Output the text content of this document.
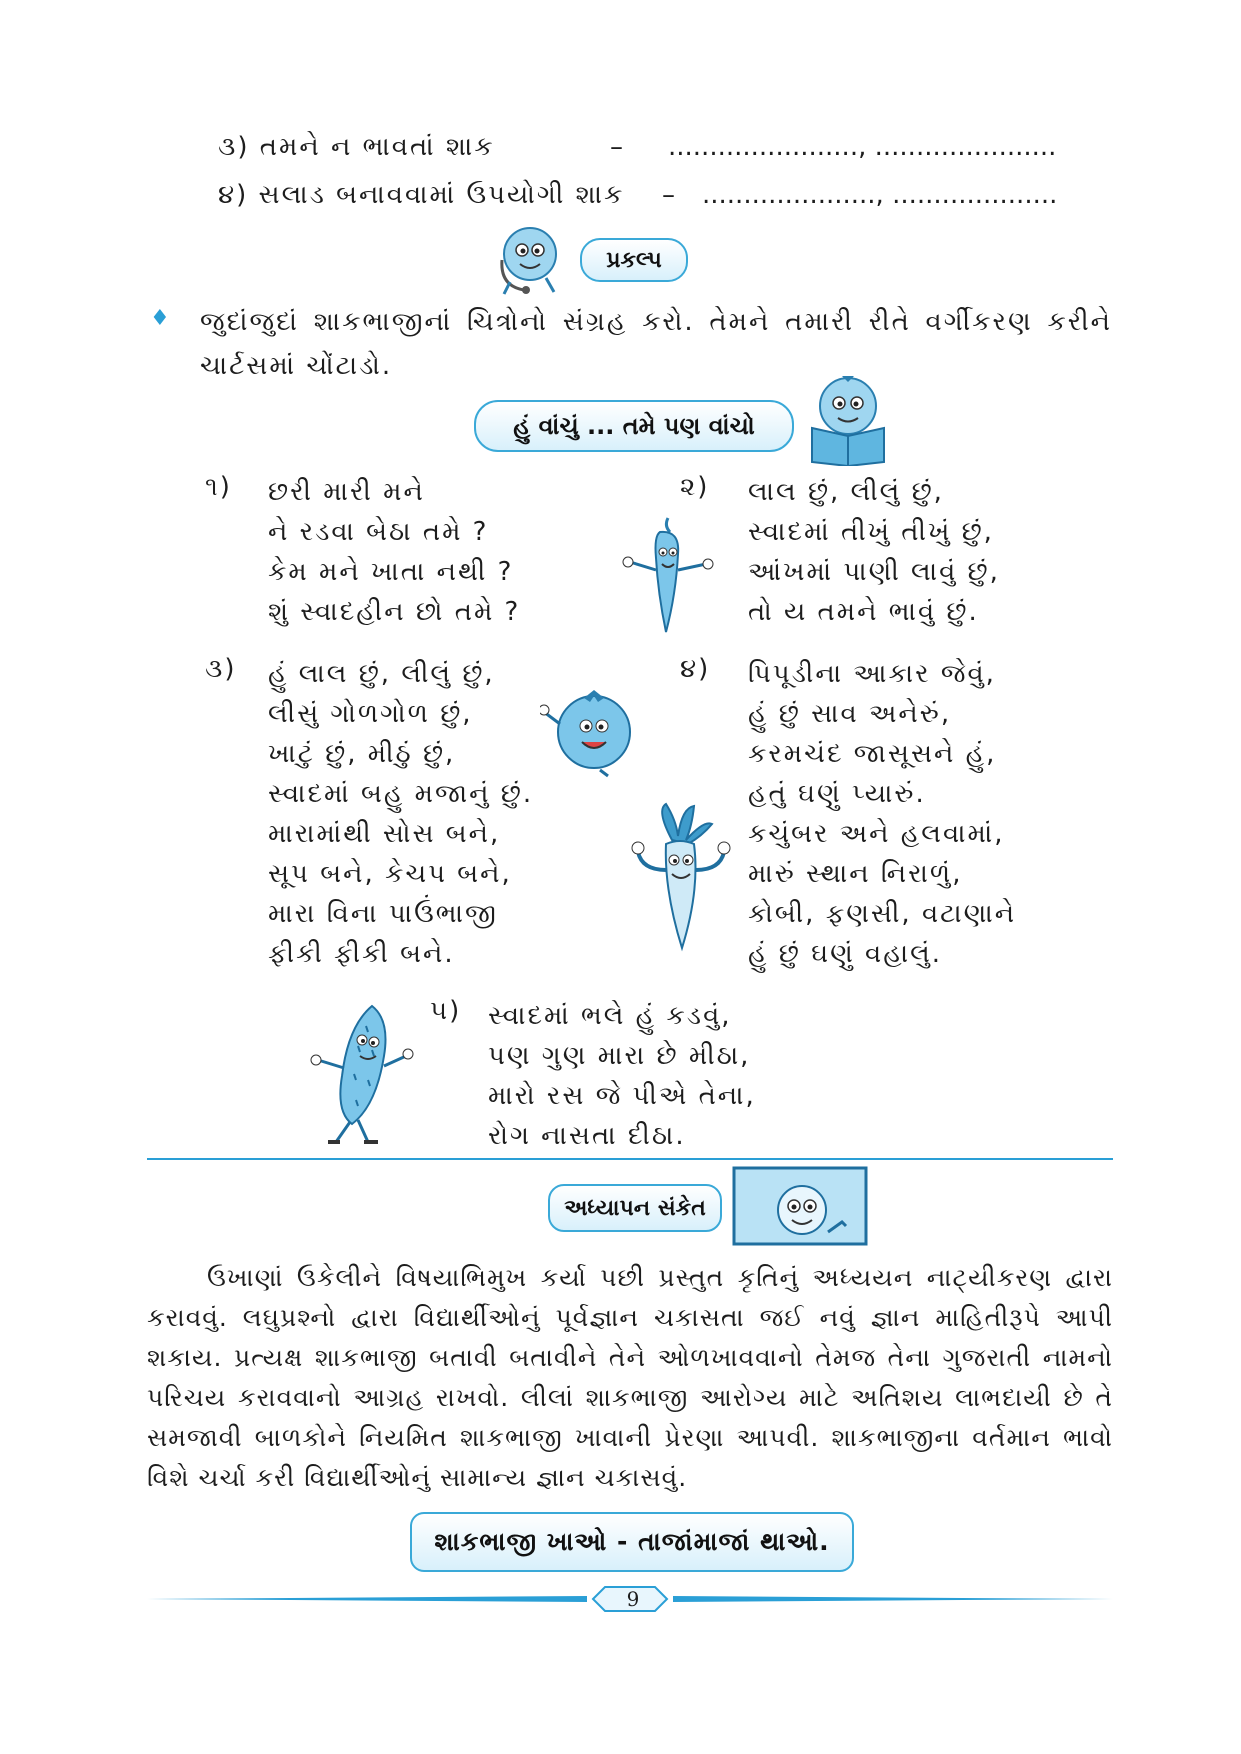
૩) તમને ન ભાવતાં શાક	– ......................., ......................
૪) સલાડ બનાવવામાં ઉપયોગી શાક – ....................., ....................
પ્રકલ્પ
♦ જુદાંજુદાં શાકભાજીનાં ચિત્રોનો સંગ્રહ કરો. તેમને તમારી રીતે વર્ગીકરણ કરીને ચાર્ટસમાં ચોંટાડો.
હું વાંચું ... તમે પણ વાંચો
૧) છરી મારી મને
ને રડવા બેઠા તમે ?
કેમ મને ખાતા નથી ?
શું સ્વાદહીન છો તમે ?
૨) લાલ છું, લીલું છું,
સ્વાદમાં તીખું તીખું છું,
આંખમાં પાણી લાવું છું,
તો ય તમને ભાવું છું.
૩) હું લાલ છું, લીલું છું,
લીસું ગોળગોળ છું,
ખાટું છું, મીઠું છું,
સ્વાદમાં બહુ મજાનું છું.
મારામાંથી સોસ બને,
સૂપ બને, કેચપ બને,
મારા વિના પાઉંભાજી
ફીકી ફીકી બને.
૪) પિપૂડીના આકાર જેવું,
હું છું સાવ અનેરું,
કરમચંદ જાસૂસને હું,
હતું ઘણું પ્યારું.
કચુંબર અને હલવામાં,
મારું સ્થાન નિરાળું,
કોબી, ફણસી, વટાણાને
હું છું ઘણું વહાલું.
૫) સ્વાદમાં ભલે હું કડવું,
પણ ગુણ મારા છે મીઠા,
મારો રસ જે પીએ તેના,
રોગ નાસતા દીઠા.
અધ્યાપન સંકેત
ઉખાણાં ઉકેલીને વિષયાભિમુખ કર્યા પછી પ્રસ્તુત કૃતિનું અધ્યયન નાટ્યીકરણ દ્વારા કરાવવું. લઘુપ્રશ્નો દ્વારા વિદ્યાર્થીઓનું પૂર્વજ્ઞાન ચકાસતા જઈ નવું જ્ઞાન માહિતીરૂપે આપી શકાય. પ્રત્યક્ષ શાકભાજી બતાવી બતાવીને તેને ઓળખાવવાનો તેમજ તેના ગુજરાતી નામનો પરિચય કરાવવાનો આગ્રહ રાખવો. લીલાં શાકભાજી આરોગ્ય માટે અતિશય લાભદાયી છે તે સમજાવી બાળકોને નિયમિત શાકભાજી ખાવાની પ્રેરણા આપવી. શાકભાજીના વર્તમાન ભાવો વિશે ચર્ચા કરી વિદ્યાર્થીઓનું સામાન્ય જ્ઞાન ચકાસવું.
શાકભાજી ખાઓ - તાજાંમાજાં થાઓ.
9
